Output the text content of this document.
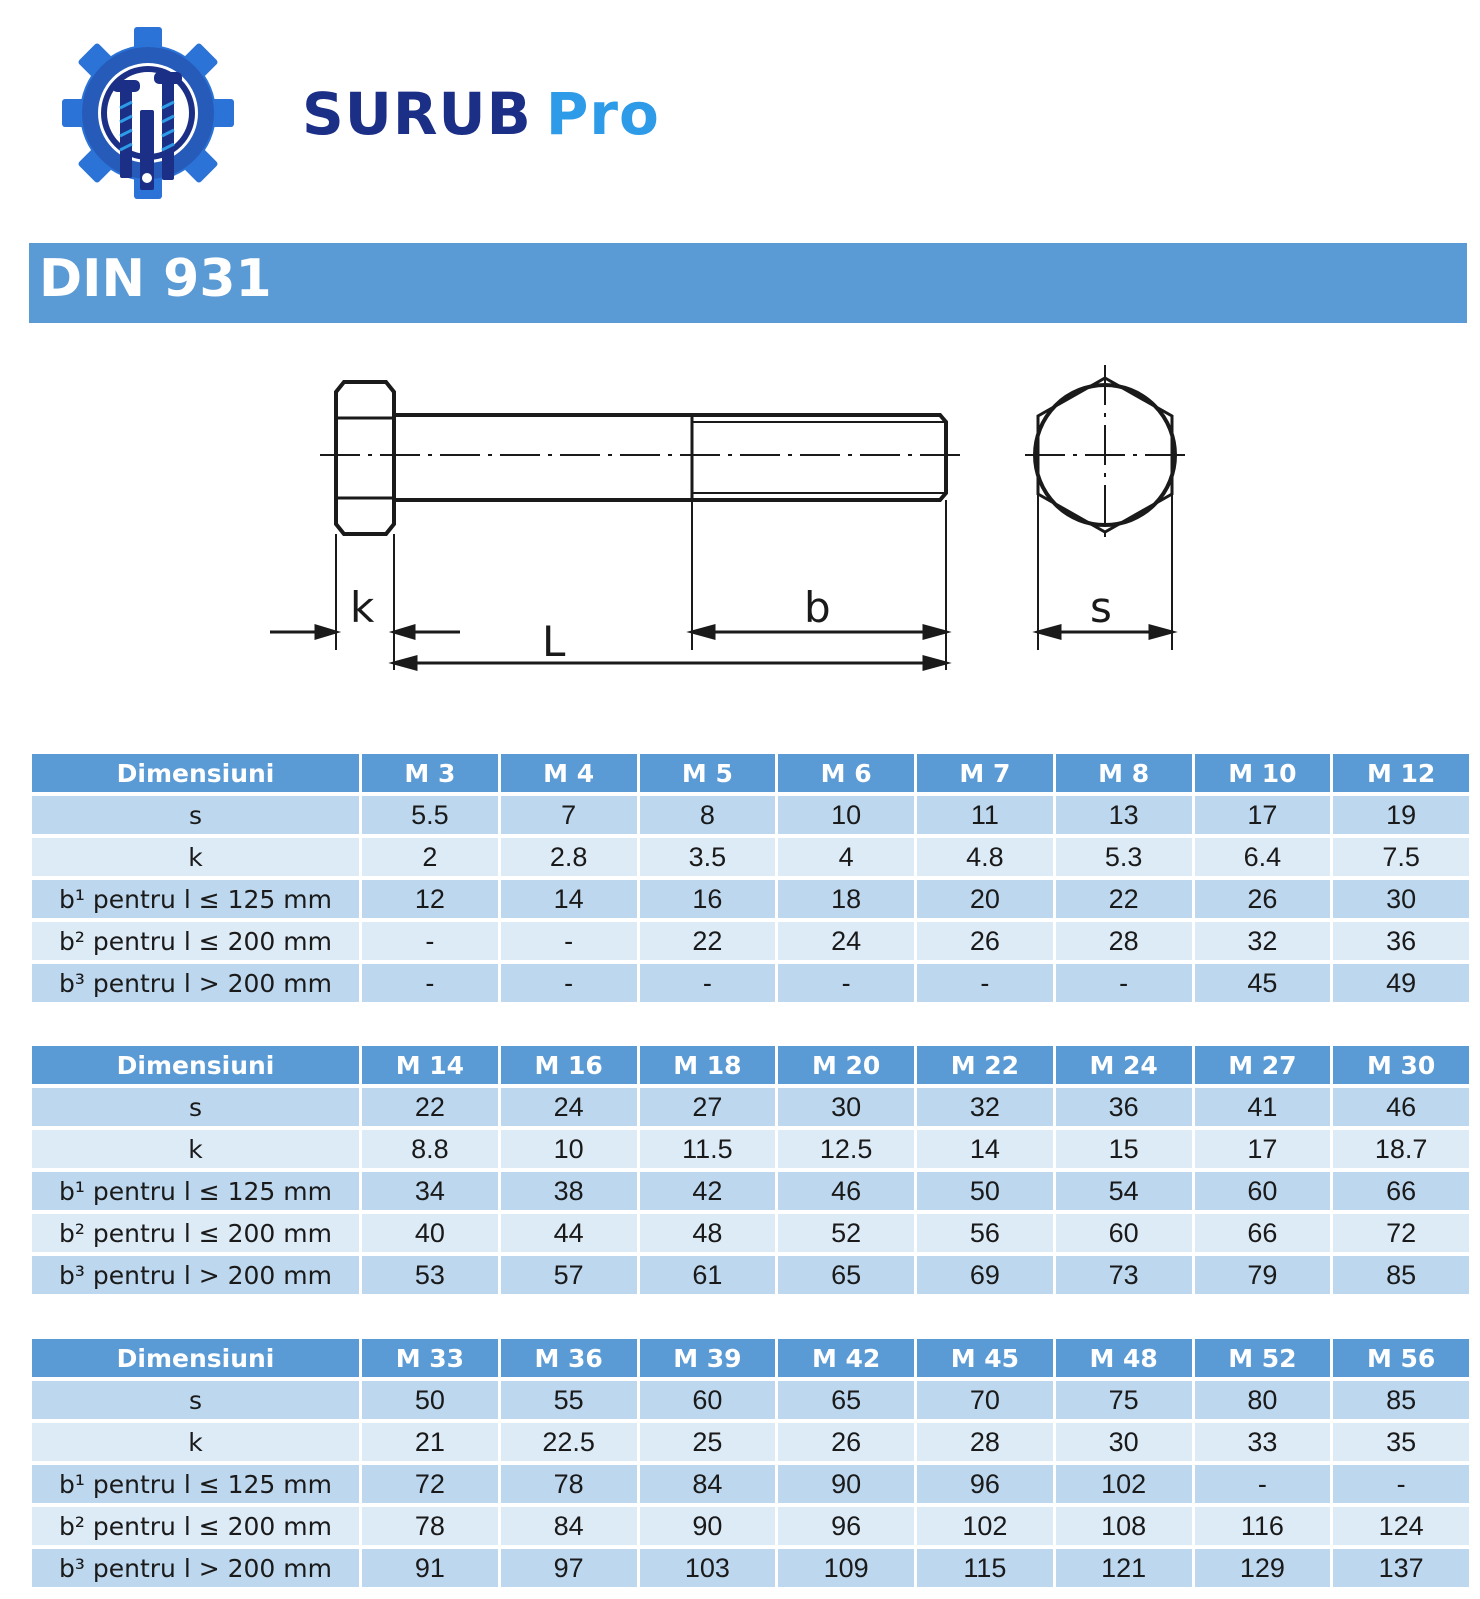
SURUB Pro
DIN 931
k
L
b	s
Dimensiuni	M 3	M 4	M 5	M 6	M 7	M 8	M 10	M 12
s	5.5	7	8	10	11	13	17	19
k	2	2.8	3.5	4	4.8	5.3	6.4	7.5
b¹ pentru l ≤ 125 mm	12	14	16	18	20	22	26	30
b² pentru l ≤ 200 mm	-	-	22	24	26	28	32	36
b³ pentru l > 200 mm	-	-	-	-	-	-	45	49
Dimensiuni	M 14	M 16	M 18	M 20	M 22	M 24	M 27	M 30
s	22	24	27	30	32	36	41	46
k	8.8	10	11.5	12.5	14	15	17	18.7
b¹ pentru l ≤ 125 mm	34	38	42	46	50	54	60	66
b² pentru l ≤ 200 mm	40	44	48	52	56	60	66	72
b³ pentru l > 200 mm	53	57	61	65	69	73	79	85
Dimensiuni	M 33	M 36	M 39	M 42	M 45	M 48	M 52	M 56
s	50	55	60	65	70	75	80	85
k	21	22.5	25	26	28	30	33	35
b¹ pentru l ≤ 125 mm	72	78	84	90	96	102	-	-
b² pentru l ≤ 200 mm	78	84	90	96	102	108	116	124
b³ pentru l > 200 mm	91	97	103	109	115	121	129	137
